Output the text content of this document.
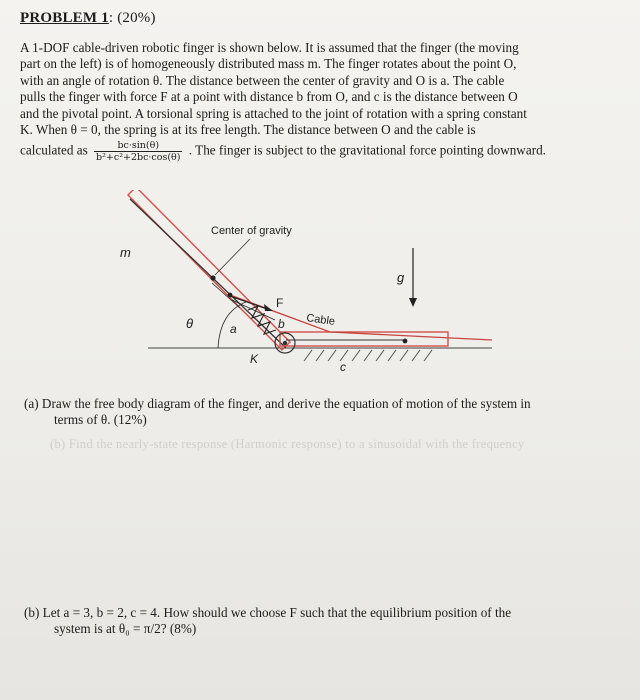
PROBLEM 1: (20%)

A 1-DOF cable-driven robotic finger is shown below. It is assumed that the finger (the moving

part on the left) is of homogeneously distributed mass m. The finger rotates about the point O,

with an angle of rotation θ. The distance between the center of gravity and O is a. The cable

pulls the finger with force F at a point with distance b from O, and c is the distance between O

and the pivotal point. A torsional spring is attached to the joint of rotation with a spring constant

K. When θ = 0, the spring is at its free length. The distance between O and the cable is

calculated as $\frac{bc\cdot\sin(\theta)}{\text{b²+c²+2bc·cos(θ)}}$ . The finger is subject to the gravitational force pointing downward.

Center of gravity
m
g
F
Cable
θ	a	b
K
c
(a) Draw the free body diagram of the finger, and derive the equation of motion of the system in
terms of θ. (12%)
(b) Find the nearly-state response (Harmonic response) to a sinusoidal with the frequency
(b) Let a = 3, b = 2, c = 4. How should we choose F such that the equilibrium position of the
system is at θ₀ = π/2? (8%)
